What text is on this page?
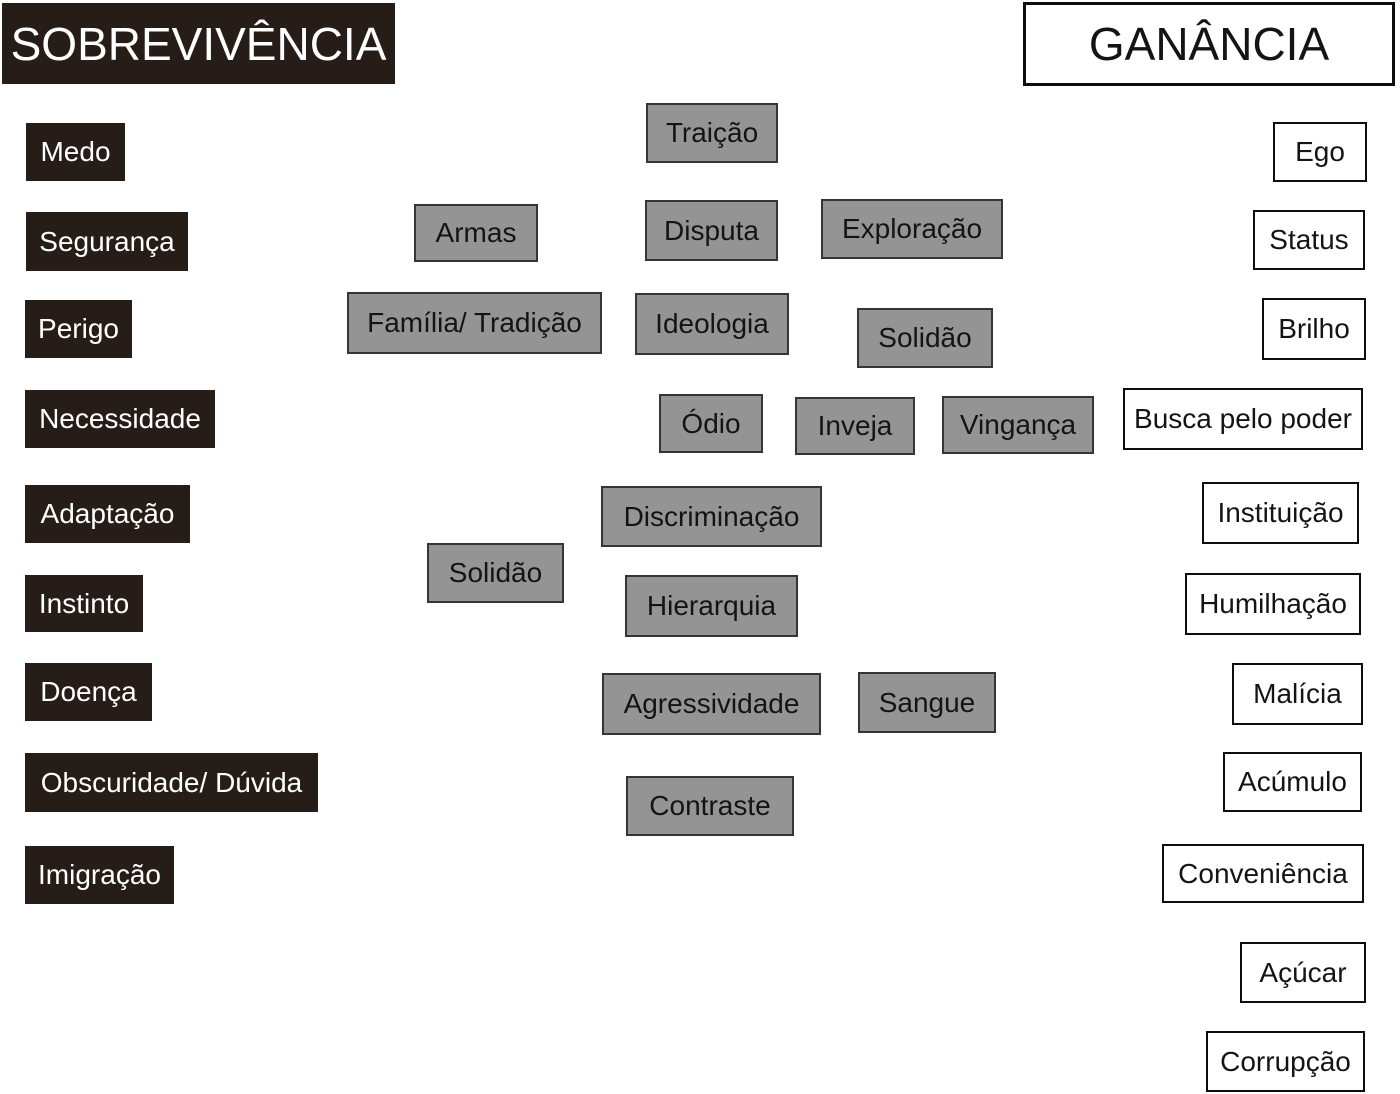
SOBREVIVÊNCIA	GANÂNCIA
Medo
Segurança
Perigo
Necessidade
Adaptação
Instinto
Doença
Obscuridade/ Dúvida
Imigração
Traição
Armas	Disputa	Exploração
Família/ Tradição	Ideologia	Solidão
Ódio	Inveja	Vingança
Discriminação
Solidão
Hierarquia
Agressividade	Sangue
Contraste
Ego
Status
Brilho
Busca pelo poder
Instituição
Humilhação
Malícia
Acúmulo
Conveniência
Açúcar
Corrupção
